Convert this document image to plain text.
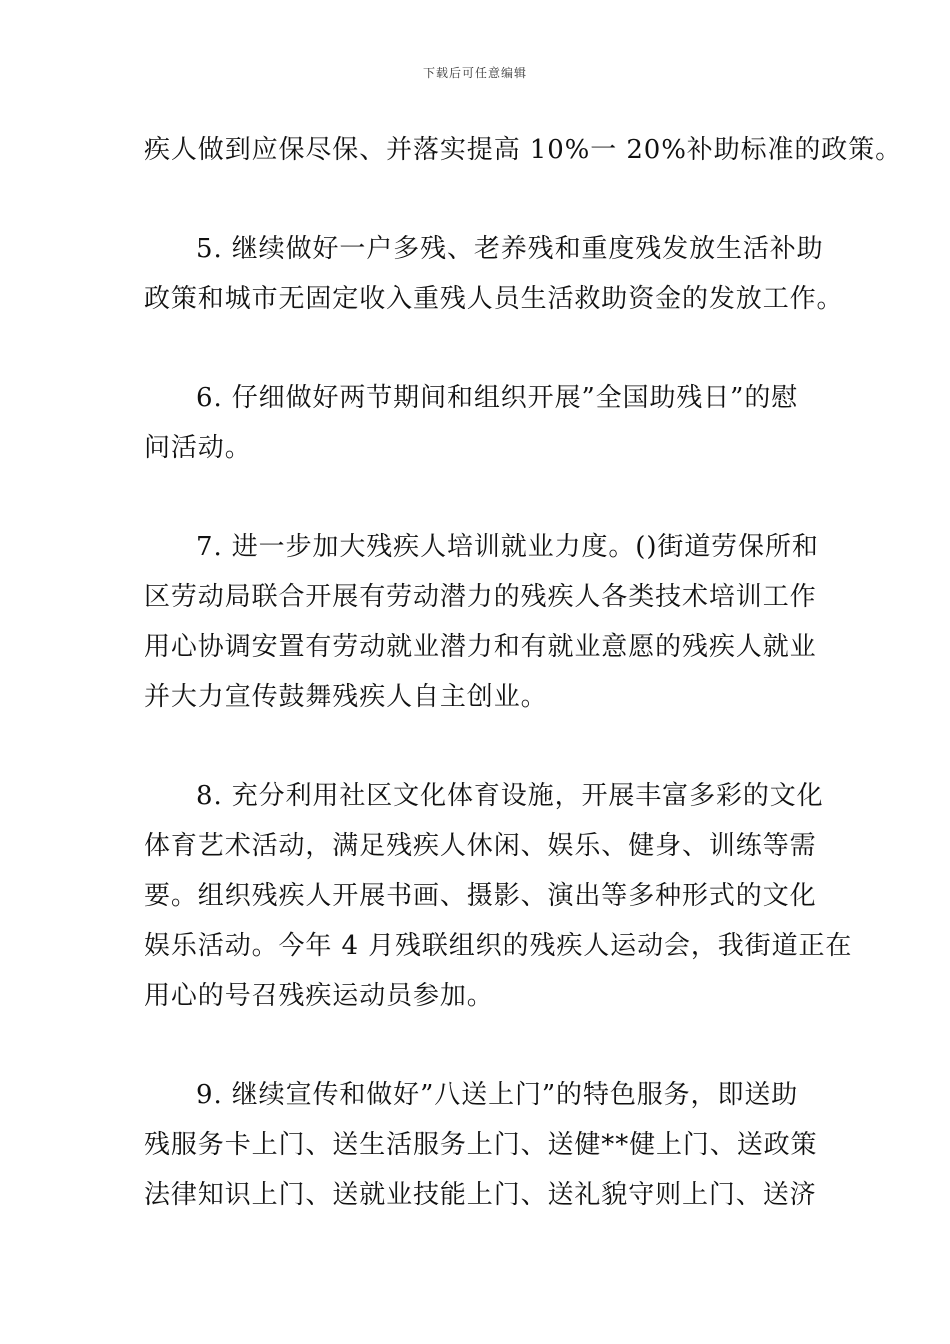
下载后可任意编辑
疾人做到应保尽保、并落实提高 10%一 20%补助标准的政策。
5. 继续做好一户多残、老养残和重度残发放生活补助
政策和城市无固定收入重残人员生活救助资金的发放工作。
6. 仔细做好两节期间和组织开展”全国助残日”的慰
问活动。
7. 进一步加大残疾人培训就业力度。()街道劳保所和
区劳动局联合开展有劳动潜力的残疾人各类技术培训工作
用心协调安置有劳动就业潜力和有就业意愿的残疾人就业
并大力宣传鼓舞残疾人自主创业。
8. 充分利用社区文化体育设施，开展丰富多彩的文化
体育艺术活动，满足残疾人休闲、娱乐、健身、训练等需
要。组织残疾人开展书画、摄影、演出等多种形式的文化
娱乐活动。今年 4 月残联组织的残疾人运动会，我街道正在
用心的号召残疾运动员参加。
9. 继续宣传和做好”八送上门”的特色服务，即送助
残服务卡上门、送生活服务上门、送健**健上门、送政策
法律知识上门、送就业技能上门、送礼貌守则上门、送济
